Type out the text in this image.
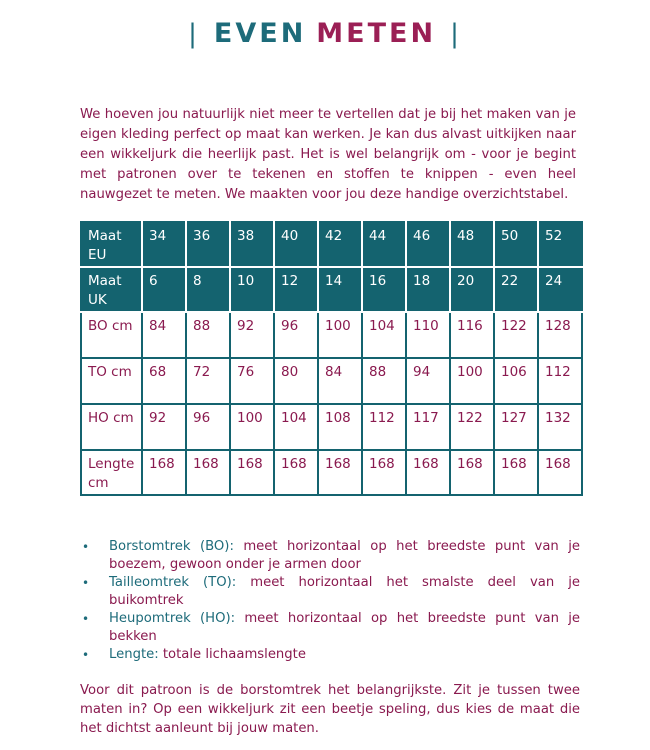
| EVEN METEN |

We hoeven jou natuurlijk niet meer te vertellen dat je bij het maken van je eigen kleding perfect op maat kan werken. Je kan dus alvast uitkijken naar een wikkeljurk die heerlijk past. Het is wel belangrijk om - voor je begint met patronen over te tekenen en stoffen te knippen - even heel nauwgezet te meten. We maakten voor jou deze handige overzichtstabel.

Maat EU	34	36	38	40	42	44	46	48	50	52
Maat UK	6	8	10	12	14	16	18	20	22	24
BO cm	84	88	92	96	100	104	110	116	122	128
TO cm	68	72	76	80	84	88	94	100	106	112
HO cm	92	96	100	104	108	112	117	122	127	132
Lengte cm	168	168	168	168	168	168	168	168	168	168
• Borstomtrek (BO): meet horizontaal op het breedste punt van je boezem, gewoon onder je armen door
• Tailleomtrek (TO): meet horizontaal het smalste deel van je buikomtrek
• Heupomtrek (HO): meet horizontaal op het breedste punt van je bekken
• Lengte: totale lichaamslengte

Voor dit patroon is de borstomtrek het belangrijkste. Zit je tussen twee maten in? Op een wikkeljurk zit een beetje speling, dus kies de maat die het dichtst aanleunt bij jouw maten.
